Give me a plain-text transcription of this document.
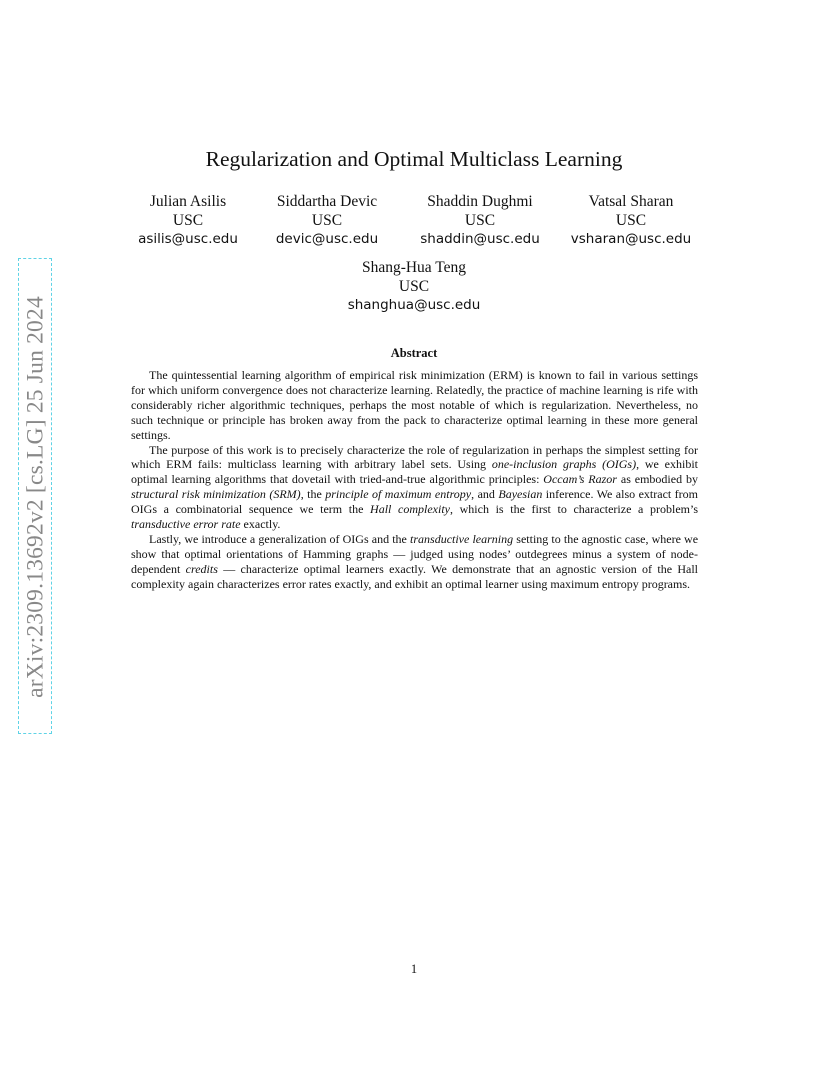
arXiv:2309.13692v2 [cs.LG] 25 Jun 2024
Regularization and Optimal Multiclass Learning
Julian Asilis
USC
asilis@usc.edu
Siddartha Devic
USC
devic@usc.edu
Shaddin Dughmi
USC
shaddin@usc.edu
Vatsal Sharan
USC
vsharan@usc.edu
Shang-Hua Teng
USC
shanghua@usc.edu
Abstract

The quintessential learning algorithm of empirical risk minimization (ERM) is known to fail in various settings for which uniform convergence does not characterize learning. Relatedly, the practice of machine learning is rife with considerably richer algorithmic techniques, perhaps the most notable of which is regularization. Nevertheless, no such technique or principle has broken away from the pack to characterize optimal learning in these more general settings.

The purpose of this work is to precisely characterize the role of regularization in perhaps the simplest setting for which ERM fails: multiclass learning with arbitrary label sets. Using one-inclusion graphs (OIGs), we exhibit optimal learning algorithms that dovetail with tried-and-true algorithmic principles: Occam’s Razor as embodied by structural risk minimization (SRM), the principle of maximum entropy, and Bayesian inference. We also extract from OIGs a combinatorial sequence we term the Hall complexity, which is the first to characterize a problem’s transductive error rate exactly.

Lastly, we introduce a generalization of OIGs and the transductive learning setting to the agnostic case, where we show that optimal orientations of Hamming graphs — judged using nodes’ outdegrees minus a system of node-dependent credits — characterize optimal learners exactly. We demonstrate that an agnostic version of the Hall complexity again characterizes error rates exactly, and exhibit an optimal learner using maximum entropy programs.

1
